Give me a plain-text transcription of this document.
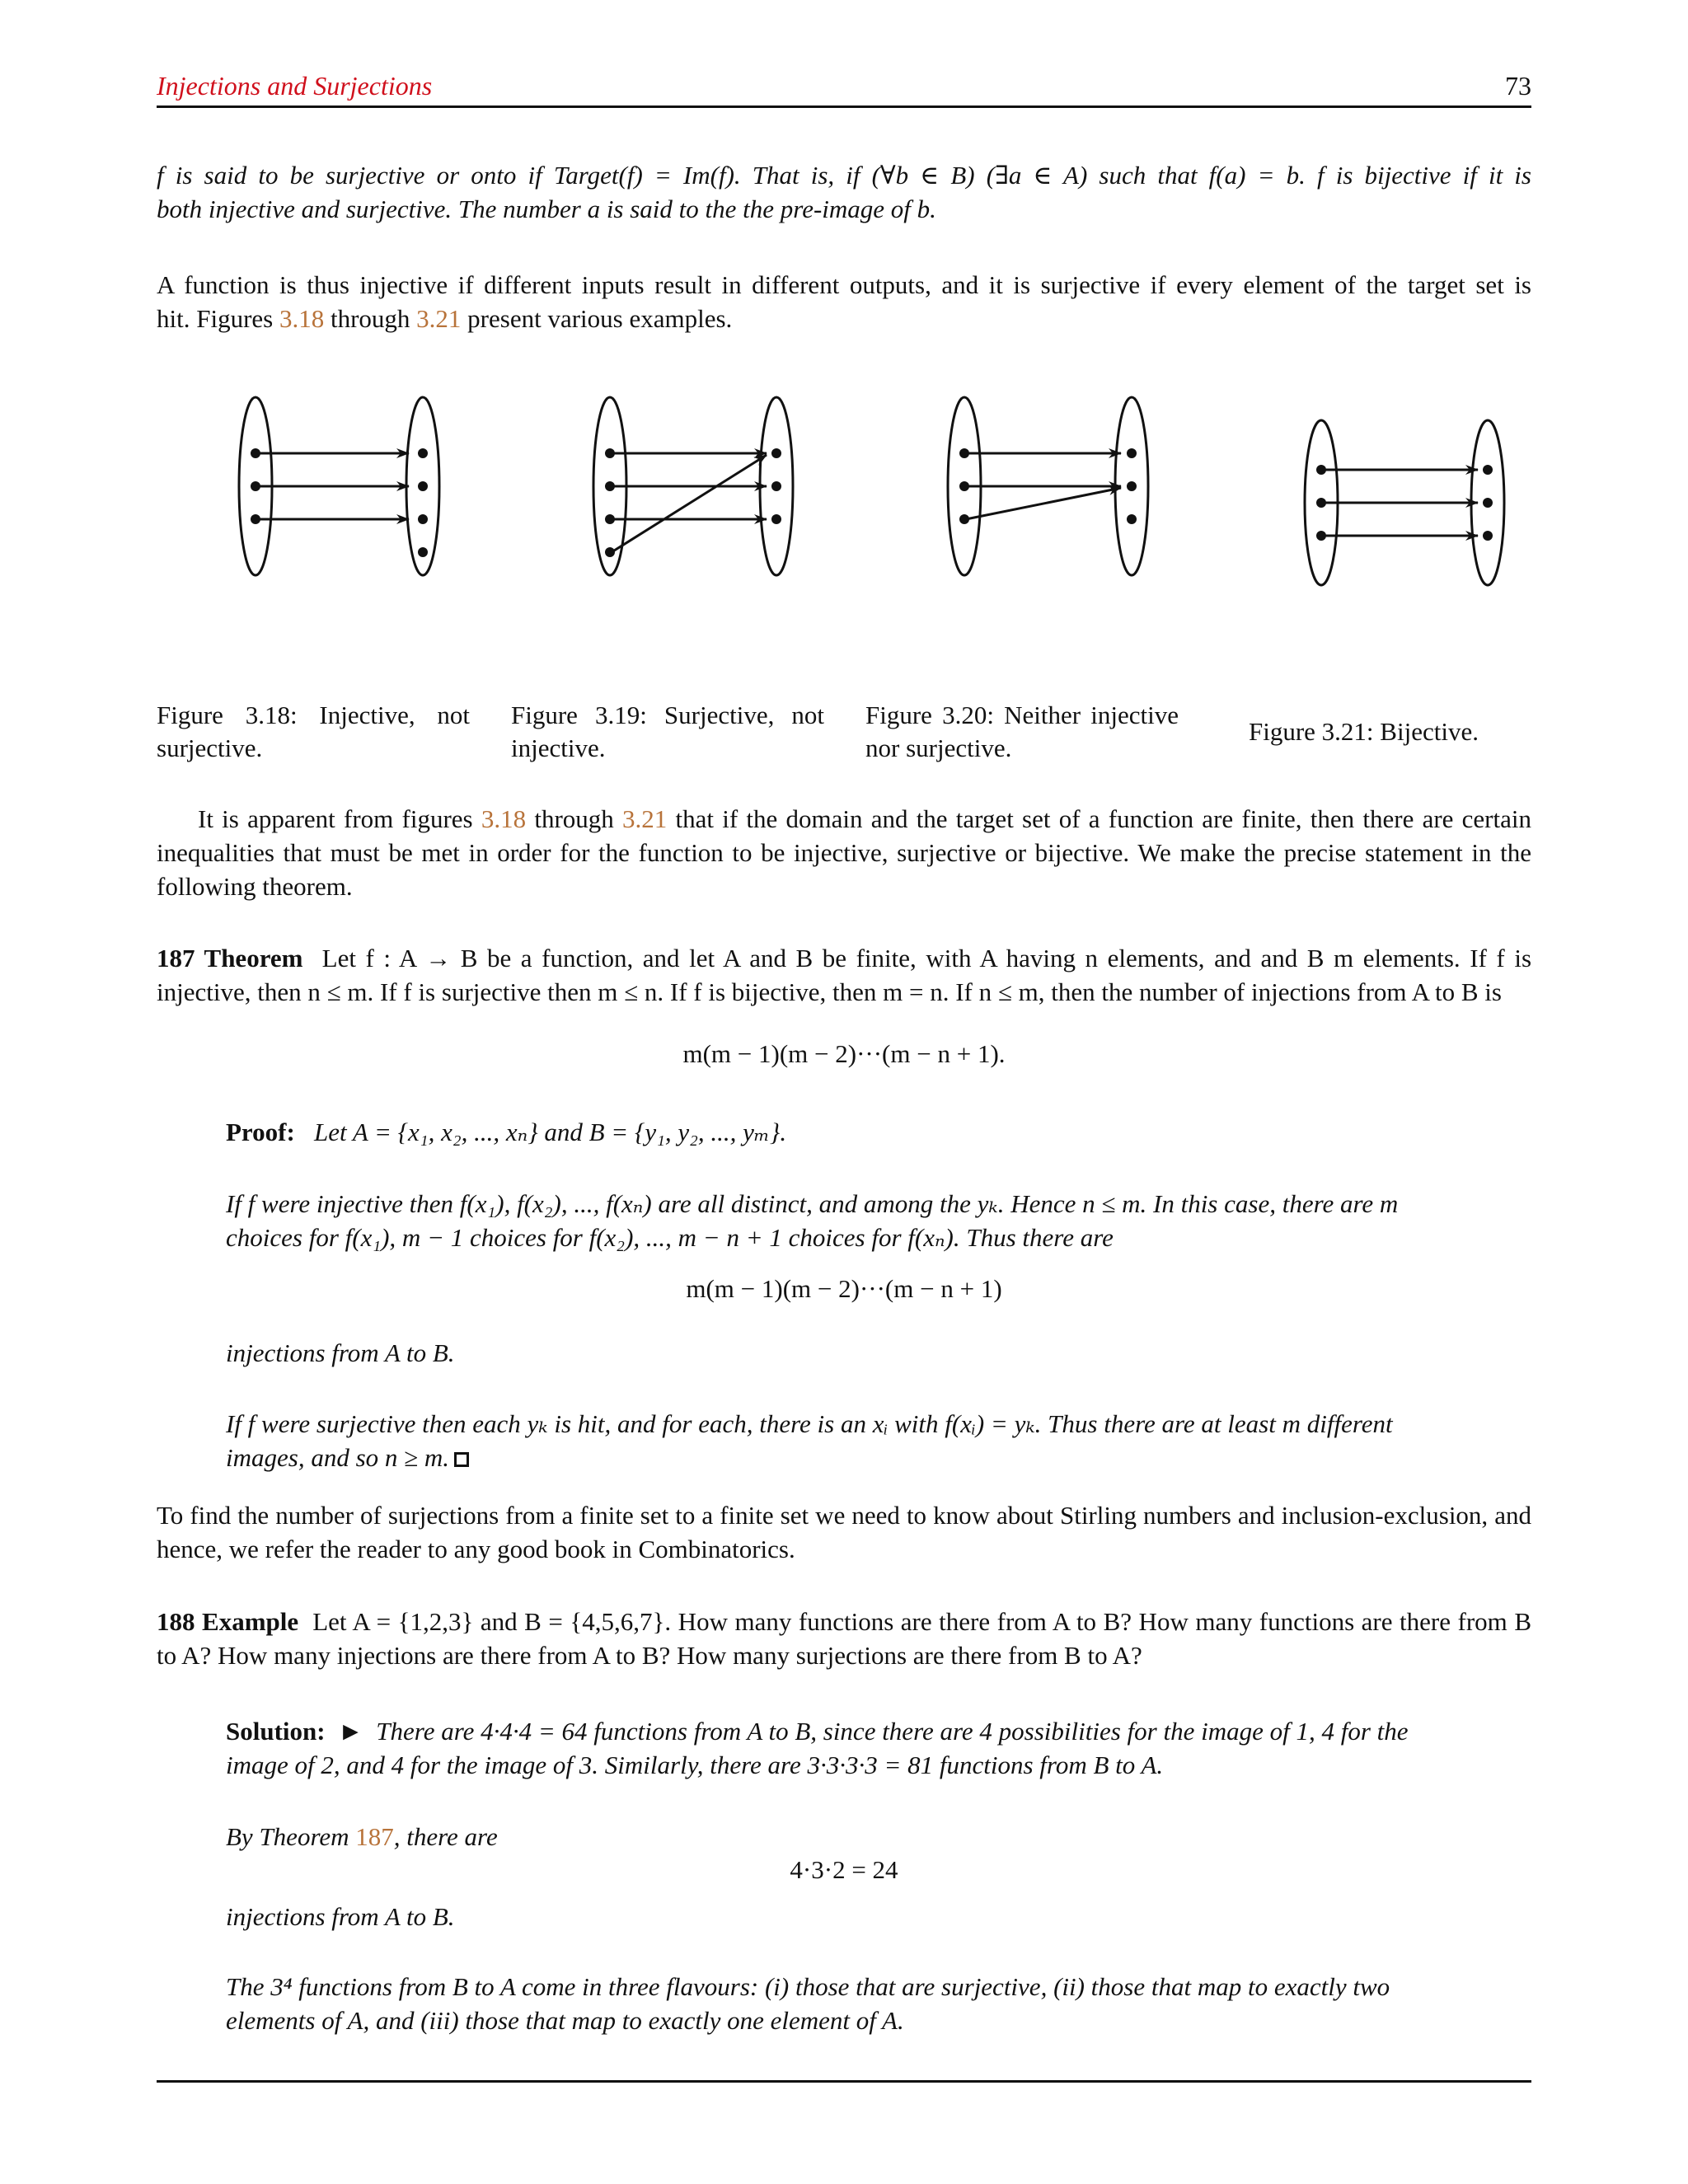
Injections and Surjections	73
f is said to be surjective or onto if Target(f) = Im(f). That is, if (∀b ∈ B) (∃a ∈ A) such that f(a) = b. f is bijective if it is
both injective and surjective. The number a is said to the the pre-image of b.
A function is thus injective if different inputs result in different outputs, and it is surjective if every element of the target set is
hit. Figures 3.18 through 3.21 present various examples.
Figure 3.18: Injective, not surjective.
Figure 3.19: Surjective, not injective.
Figure 3.20: Neither injective nor surjective.
Figure 3.21: Bijective.
It is apparent from figures 3.18 through 3.21 that if the domain and the target set of a function are finite, then there are certain inequalities that must be met in order for the function to be injective, surjective or bijective. We make the precise statement in the following theorem.
187 Theorem Let f : A → B be a function, and let A and B be finite, with A having n elements, and and B m elements. If f is injective, then n ≤ m. If f is surjective then m ≤ n. If f is bijective, then m = n. If n ≤ m, then the number of injections from A to B is
m(m − 1)(m − 2)···(m − n + 1).
Proof: Let A = {x₁, x₂, ..., xₙ} and B = {y₁, y₂, ..., yₘ}.
If f were injective then f(x₁), f(x₂), ..., f(xₙ) are all distinct, and among the yₖ. Hence n ≤ m. In this case, there are m choices for f(x₁), m − 1 choices for f(x₂), ..., m − n + 1 choices for f(xₙ). Thus there are
m(m − 1)(m − 2)···(m − n + 1)
injections from A to B.
If f were surjective then each yₖ is hit, and for each, there is an xᵢ with f(xᵢ) = yₖ. Thus there are at least m different images, and so n ≥ m.
To find the number of surjections from a finite set to a finite set we need to know about Stirling numbers and inclusion-exclusion, and hence, we refer the reader to any good book in Combinatorics.
188 Example Let A = {1,2,3} and B = {4,5,6,7}. How many functions are there from A to B? How many functions are there from B to A? How many injections are there from A to B? How many surjections are there from B to A?
Solution: ► There are 4·4·4 = 64 functions from A to B, since there are 4 possibilities for the image of 1, 4 for the image of 2, and 4 for the image of 3. Similarly, there are 3·3·3·3 = 81 functions from B to A.
By Theorem 187, there are
4·3·2 = 24
injections from A to B.
The 3⁴ functions from B to A come in three flavours: (i) those that are surjective, (ii) those that map to exactly two elements of A, and (iii) those that map to exactly one element of A.
